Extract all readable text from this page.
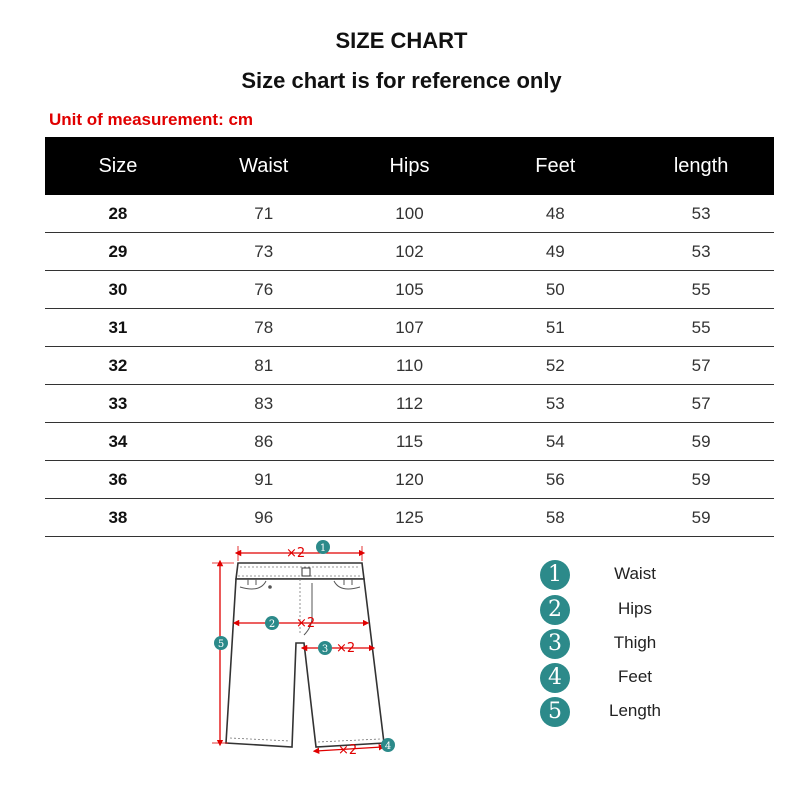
SIZE CHART
Size chart is for reference only
Unit of measurement: cm
Size	Waist	Hips	Feet	length
28	71	100	48	53
29	73	102	49	53
30	76	105	50	55
31	78	107	51	55
32	81	110	52	57
33	83	112	53	57
34	86	115	54	59
36	91	120	56	59
38	96	125	58	59
×2
×2
×2
×2
1
2
3
4
5
1	Waist
2	Hips
3	Thigh
4	Feet
5	Length
